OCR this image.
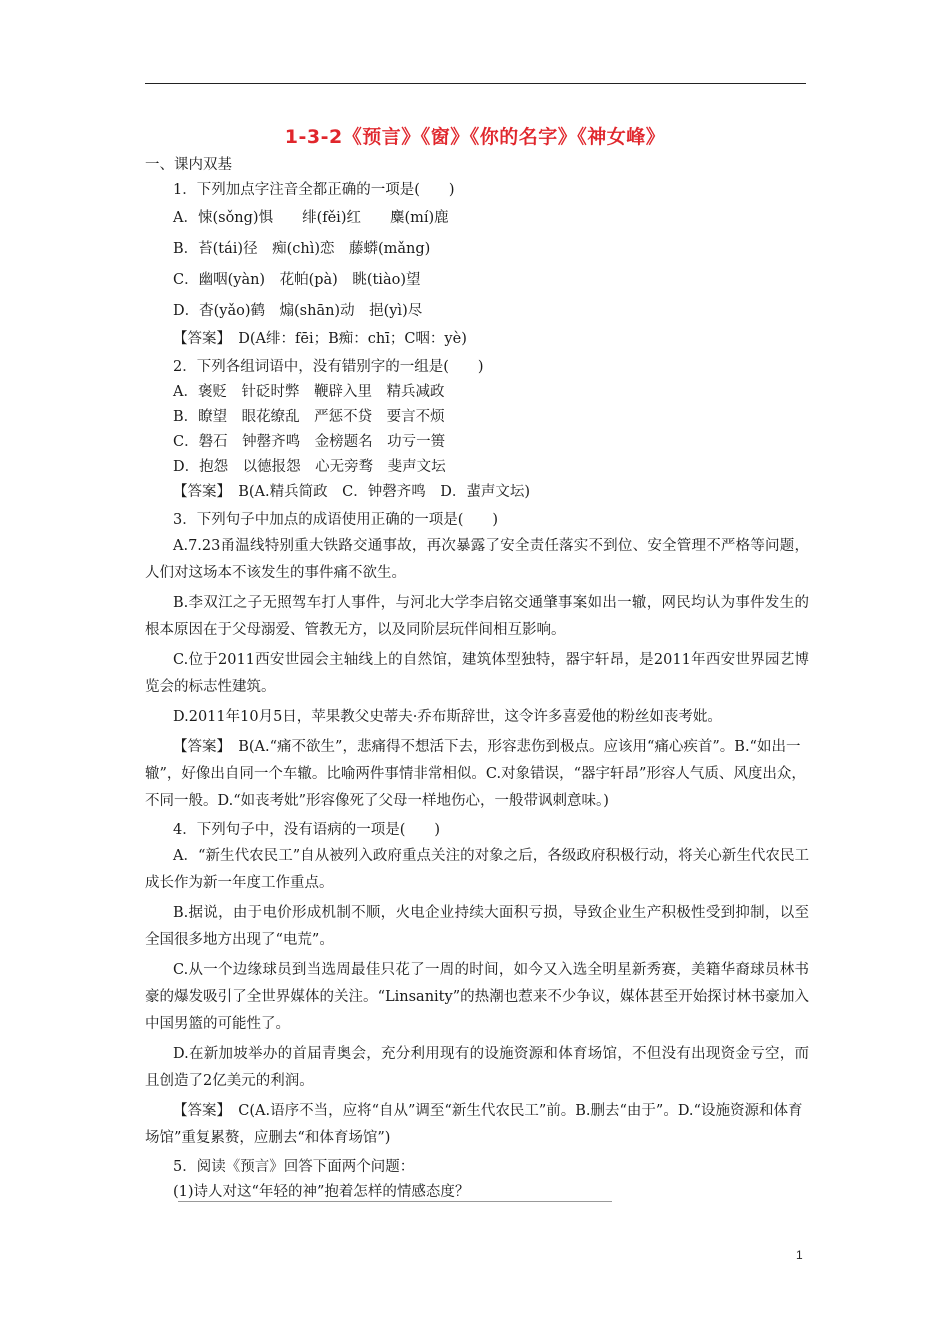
1-3-2《预言》《窗》《你的名字》《神女峰》
一、课内双基
1．下列加点字注音全都正确的一项是(　　)
A．悚(sǒng)惧　　绯(fěi)红　　麋(mí)鹿
B．苔(tái)径　痴(chì)恋　藤蟒(mǎng)
C．幽咽(yàn)　花帕(pà)　眺(tiào)望
D．杳(yǎo)鹤　煽(shān)动　挹(yì)尽
【答案】　D(A绯：fēi；B痴：chī；C咽：yè)
2．下列各组词语中，没有错别字的一组是(　　)
A．褒贬　针砭时弊　鞭辟入里　精兵减政
B．瞭望　眼花缭乱　严惩不贷　要言不烦
C．磐石　钟罄齐鸣　金榜题名　功亏一篑
D．抱怨　以德报怨　心无旁骛　斐声文坛
【答案】　B(A.精兵简政　C．钟磬齐鸣　D．蜚声文坛)
3．下列句子中加点的成语使用正确的一项是(　　)
A.7.23甬温线特别重大铁路交通事故，再次暴露了安全责任落实不到位、安全管理不严格等问题，人们对这场本不该发生的事件痛不欲生。
B.李双江之子无照驾车打人事件，与河北大学李启铭交通肇事案如出一辙，网民均认为事件发生的根本原因在于父母溺爱、管教无方，以及同阶层玩伴间相互影响。
C.位于2011西安世园会主轴线上的自然馆，建筑体型独特，器宇轩昂，是2011年西安世界园艺博览会的标志性建筑。
D.2011年10月5日，苹果教父史蒂夫·乔布斯辞世，这令许多喜爱他的粉丝如丧考妣。
【答案】　B(A.“痛不欲生”，悲痛得不想活下去，形容悲伤到极点。应该用“痛心疾首”。B.“如出一辙”，好像出自同一个车辙。比喻两件事情非常相似。C.对象错误，“器宇轩昂”形容人气质、风度出众，不同一般。D.“如丧考妣”形容像死了父母一样地伤心，一般带讽刺意味。)
4．下列句子中，没有语病的一项是(　　)
A．“新生代农民工”自从被列入政府重点关注的对象之后，各级政府积极行动，将关心新生代农民工成长作为新一年度工作重点。
B.据说，由于电价形成机制不顺，火电企业持续大面积亏损，导致企业生产积极性受到抑制，以至全国很多地方出现了“电荒”。
C.从一个边缘球员到当选周最佳只花了一周的时间，如今又入选全明星新秀赛，美籍华裔球员林书豪的爆发吸引了全世界媒体的关注。“Linsanity”的热潮也惹来不少争议，媒体甚至开始探讨林书豪加入中国男篮的可能性了。
D.在新加坡举办的首届青奥会，充分利用现有的设施资源和体育场馆，不但没有出现资金亏空，而且创造了2亿美元的利润。
【答案】　C(A.语序不当，应将“自从”调至“新生代农民工”前。B.删去“由于”。D.“设施资源和体育场馆”重复累赘，应删去“和体育场馆”)
5．阅读《预言》回答下面两个问题：
(1)诗人对这“年轻的神”抱着怎样的情感态度？
1
